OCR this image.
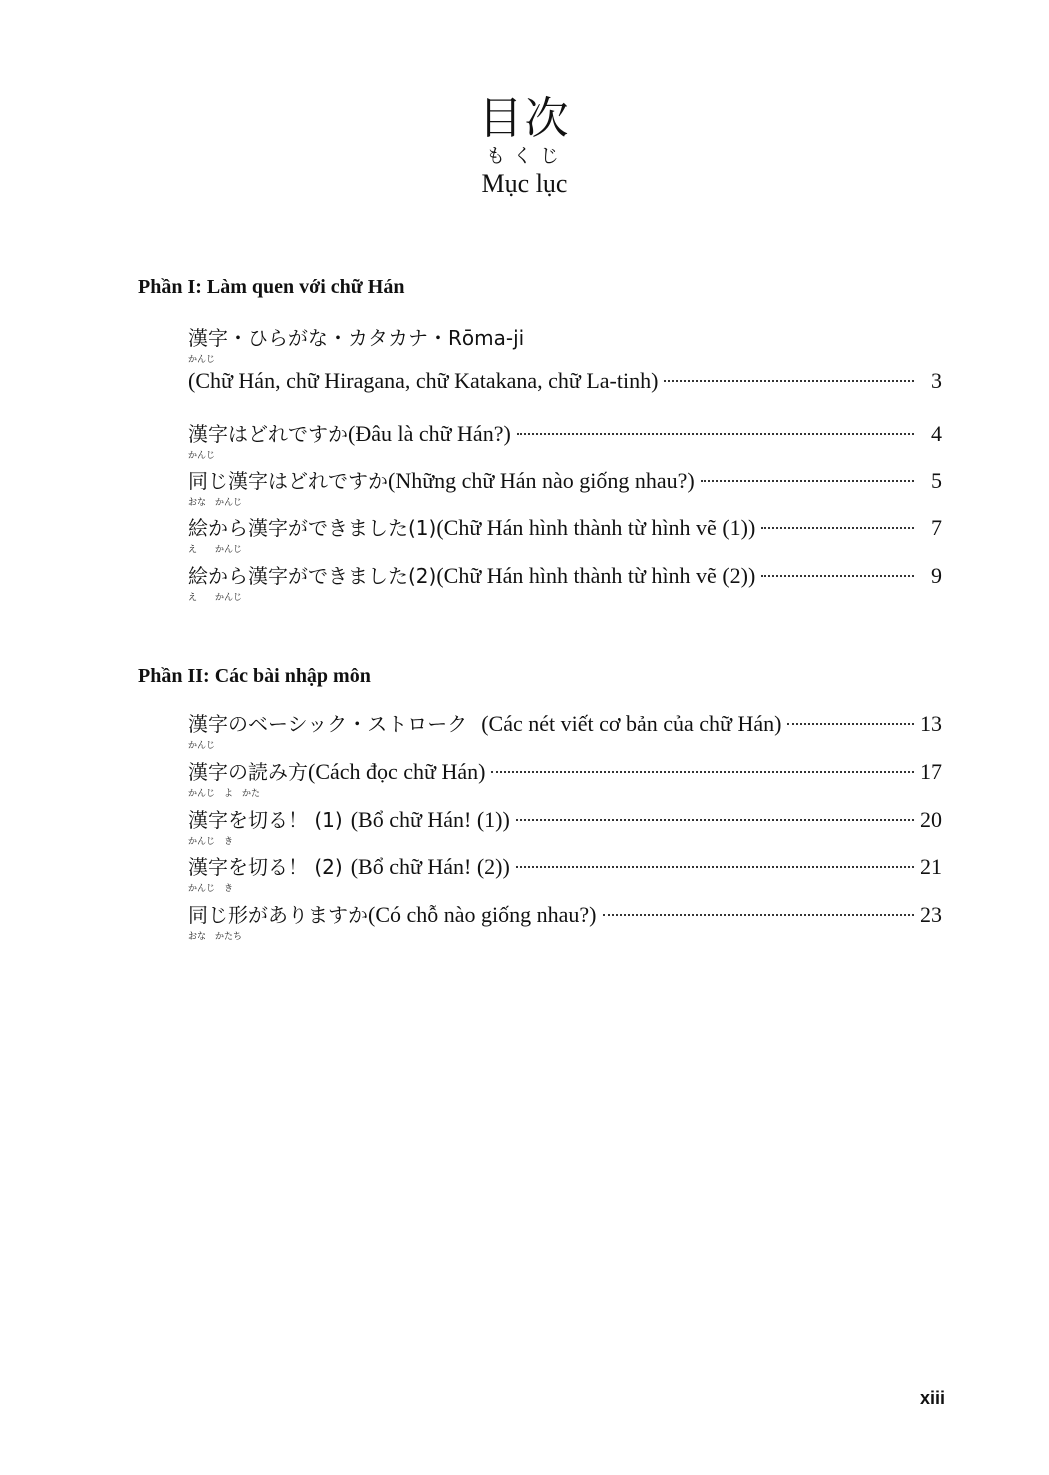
目次
もくじ
Mục lục
Phần I: Làm quen với chữ Hán
漢字・ひらがな・カタカナ・Rōma-ji
かんじ
(Chữ Hán, chữ Hiragana, chữ Katakana, chữ La-tinh)	3
漢字はどれですか (Đâu là chữ Hán?)	4
かんじ
同じ漢字はどれですか (Những chữ Hán nào giống nhau?)	5
おな　かんじ
絵から漢字ができました(1) (Chữ Hán hình thành từ hình vẽ (1))	7
え　　かんじ
絵から漢字ができました(2) (Chữ Hán hình thành từ hình vẽ (2))	9
え　　かんじ
Phần II: Các bài nhập môn
漢字のベーシック・ストローク (Các nét viết cơ bản của chữ Hán)	13
かんじ
漢字の読み方 (Cách đọc chữ Hán)	17
かんじ　よ　かた
漢字を切る！ (1) (Bổ chữ Hán! (1))	20
かんじ　き
漢字を切る！ (2) (Bổ chữ Hán! (2))	21
かんじ　き
同じ形がありますか (Có chỗ nào giống nhau?)	23
おな　かたち
xiii
